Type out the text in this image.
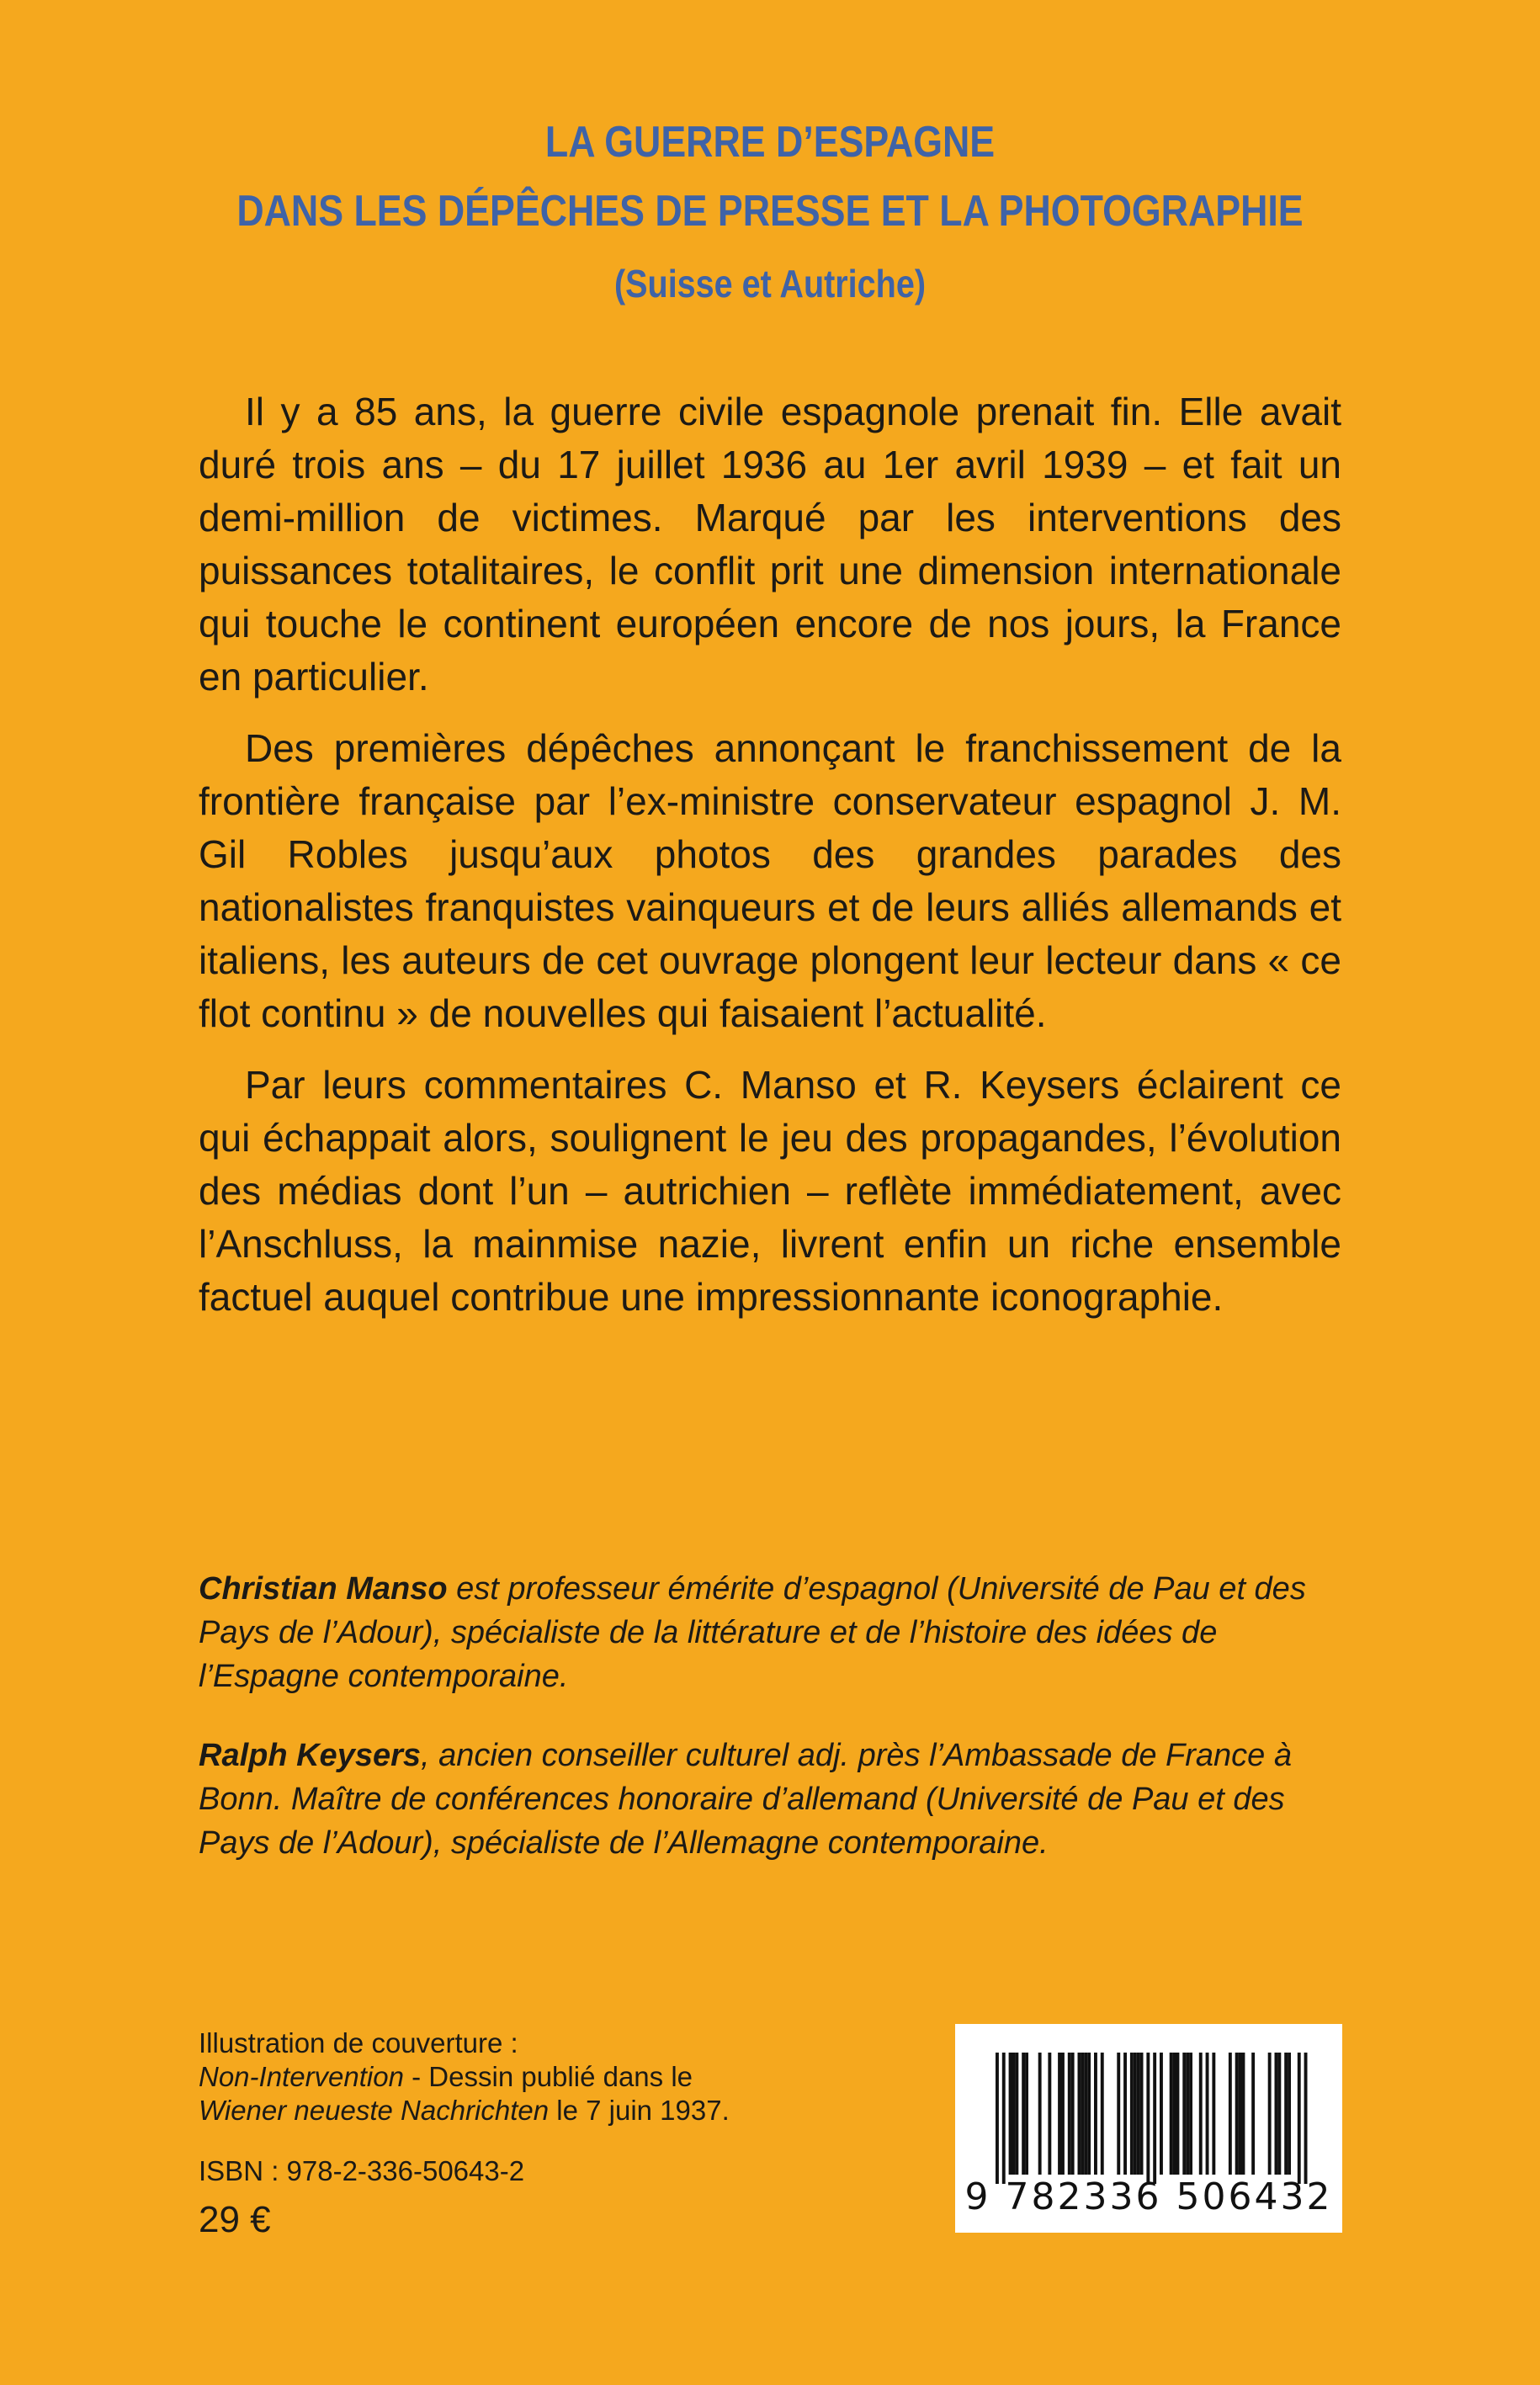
LA GUERRE D’ESPAGNE
DANS LES DÉPÊCHES DE PRESSE ET LA PHOTOGRAPHIE
(Suisse et Autriche)

Il y a 85 ans, la guerre civile espagnole prenait fin. Elle avait duré trois ans – du 17 juillet 1936 au 1er avril 1939 – et fait un demi-million de victimes. Marqué par les interventions des puissances totalitaires, le conflit prit une dimension internationale qui touche le continent européen encore de nos jours, la France en particulier.

Des premières dépêches annonçant le franchissement de la frontière française par l’ex-ministre conservateur espagnol J. M. Gil Robles jusqu’aux photos des grandes parades des nationalistes franquistes vainqueurs et de leurs alliés allemands et italiens, les auteurs de cet ouvrage plongent leur lecteur dans « ce flot continu » de nouvelles qui faisaient l’actualité.

Par leurs commentaires C. Manso et R. Keysers éclairent ce qui échappait alors, soulignent le jeu des propagandes, l’évolution des médias dont l’un – autrichien – reflète immédiatement, avec l’Anschluss, la mainmise nazie, livrent enfin un riche ensemble factuel auquel contribue une impressionnante iconographie.

Christian Manso est professeur émérite d’espagnol (Université de Pau et des Pays de l’Adour), spécialiste de la littérature et de l’histoire des idées de l’Espagne contemporaine.

Ralph Keysers, ancien conseiller culturel adj. près l’Ambassade de France à Bonn. Maître de conférences honoraire d’allemand (Université de Pau et des Pays de l’Adour), spécialiste de l’Allemagne contemporaine.

Illustration de couverture :
Non-Intervention - Dessin publié dans le
Wiener neueste Nachrichten le 7 juin 1937.
ISBN : 978-2-336-50643-2
29 €
9 782336 506432
